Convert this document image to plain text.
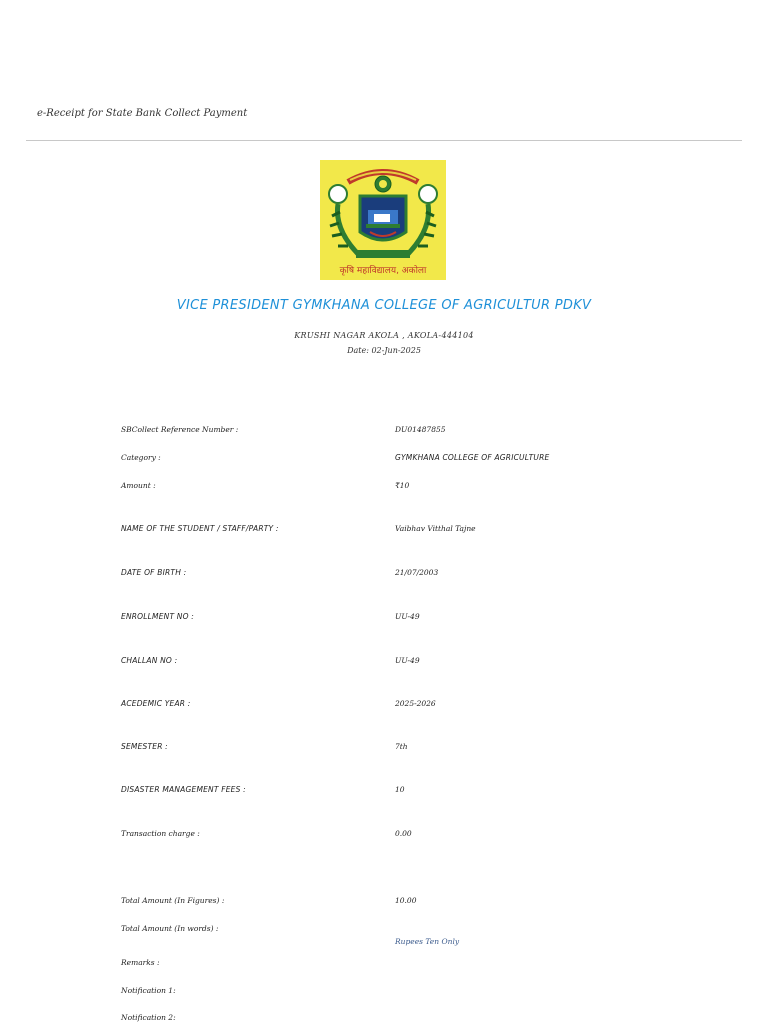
e-Receipt for State Bank Collect Payment
कृषि महाविद्यालय, अकोला
VICE PRESIDENT GYMKHANA COLLEGE OF AGRICULTUR PDKV
KRUSHI NAGAR AKOLA , AKOLA-444104
Date: 02-Jun-2025
SBCollect Reference Number :	DU01487855
Category :	GYMKHANA COLLEGE OF AGRICULTURE
Amount :	₹10
NAME OF THE STUDENT / STAFF/PARTY :	Vaibhav Vitthal Tajne
DATE OF BIRTH :	21/07/2003
ENROLLMENT NO :	UU-49
CHALLAN NO :	UU-49
ACEDEMIC YEAR :	2025-2026
SEMESTER :	7th
DISASTER MANAGEMENT FEES :	10
Transaction charge :	0.00
Total Amount (In Figures) :	10.00
Total Amount (In words) :
Rupees Ten Only
Remarks :
Notification 1:
Notification 2:
